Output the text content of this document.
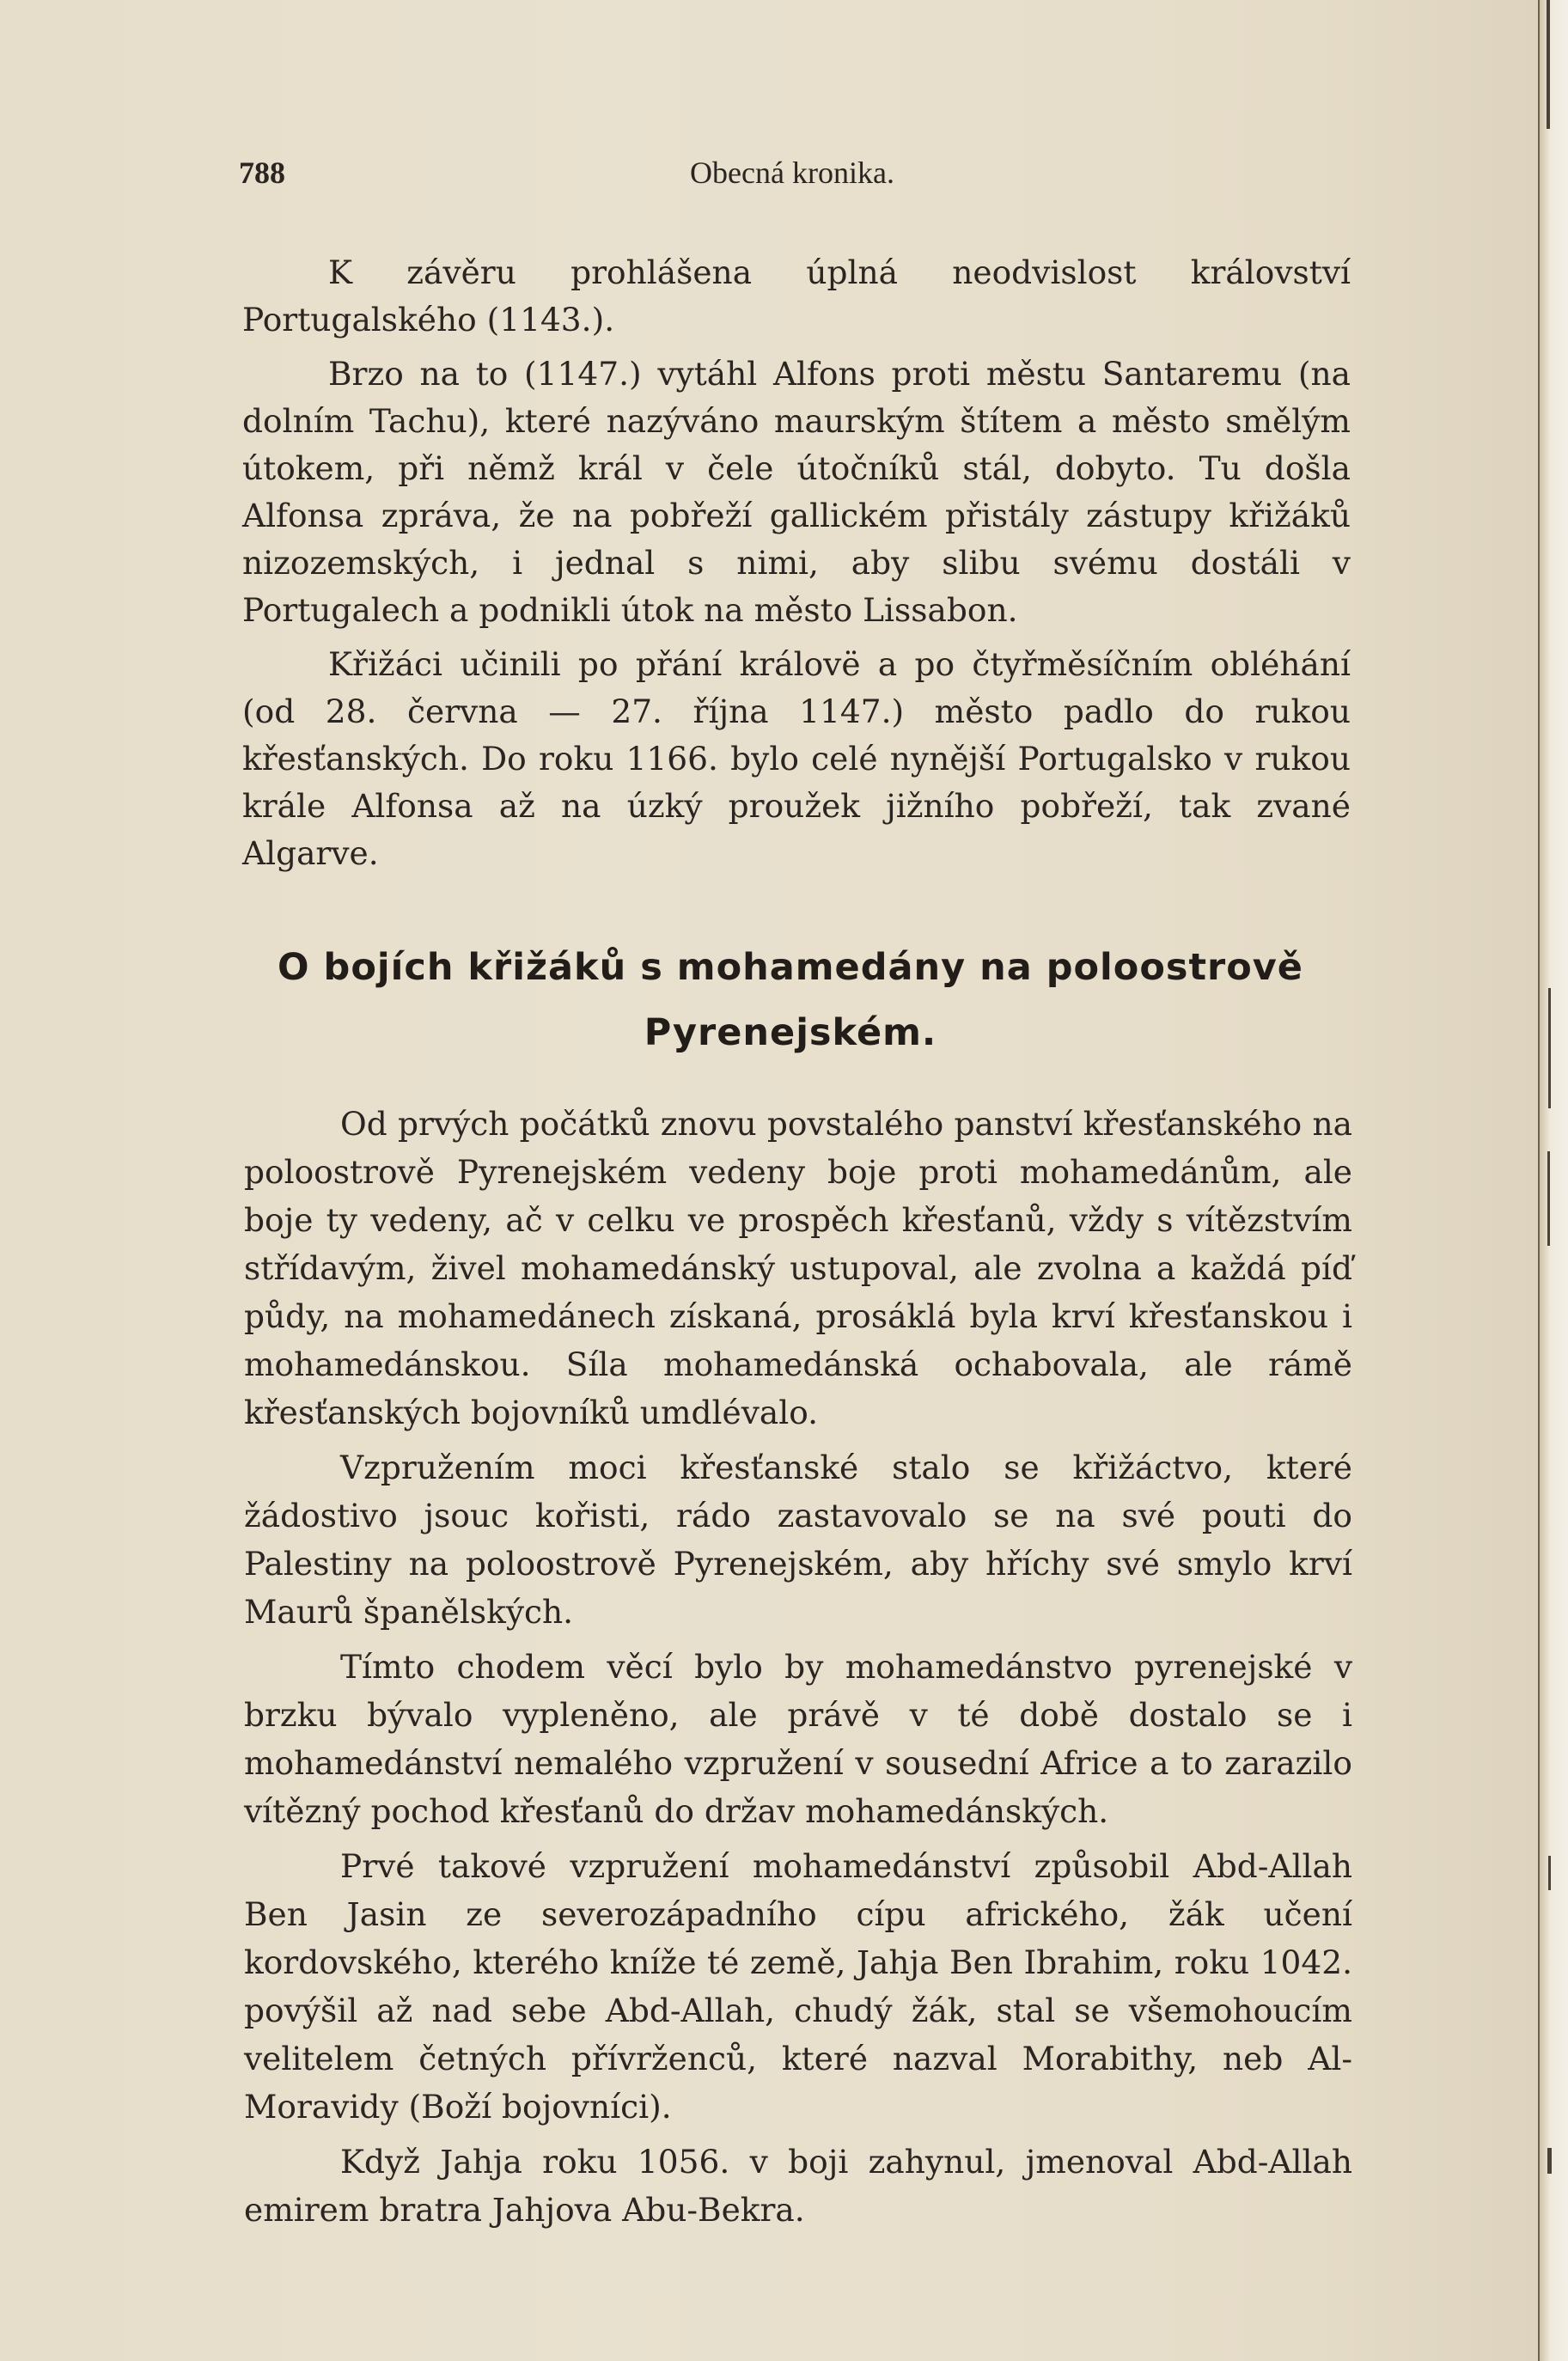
788	Obecná kronika.

K závěru prohlášena úplná neodvislost království Portugalského (1143.).

Brzo na to (1147.) vytáhl Alfons proti městu Santaremu (na dolním Tachu), které nazýváno maurským štítem a město smělým útokem, při němž král v čele útočníků stál, dobyto. Tu došla Alfonsa zpráva, že na pobřeží gallickém přistály zástupy křižáků nizozemských, i jednal s nimi, aby slibu svému dostáli v Portugalech a podnikli útok na město Lissabon.

Křižáci učinili po přání královë a po čtyřměsíčním obléhání (od 28. června — 27. října 1147.) město padlo do rukou křesťanských. Do roku 1166. bylo celé nynější Portugalsko v rukou krále Alfonsa až na úzký proužek jižního pobřeží, tak zvané Algarve.

O bojích křižáků s mohamedány na poloostrově
Pyrenejském.

Od prvých počátků znovu povstalého panství křesťanského na poloostrově Pyrenejském vedeny boje proti mohamedánům, ale boje ty vedeny, ač v celku ve prospěch křesťanů, vždy s vítězstvím střídavým, živel mohamedánský ustupoval, ale zvolna a každá píď půdy, na mohamedánech získaná, prosáklá byla krví křesťanskou i mohamedánskou. Síla mohamedánská ochabovala, ale rámě křesťanských bojovníků umdlévalo.

Vzpružením moci křesťanské stalo se křižáctvo, které žádostivo jsouc kořisti, rádo zastavovalo se na své pouti do Palestiny na poloostrově Pyrenejském, aby hříchy své smylo krví Maurů španělských.

Tímto chodem věcí bylo by mohamedánstvo pyrenejské v brzku bývalo vypleněno, ale právě v té době dostalo se i mohamedánství nemalého vzpružení v sousední Africe a to zarazilo vítězný pochod křesťanů do držav mohamedánských.

Prvé takové vzpružení mohamedánství způsobil Abd-Allah Ben Jasin ze severozápadního cípu afrického, žák učení kordovského, kterého kníže té země, Jahja Ben Ibrahim, roku 1042. povýšil až nad sebe Abd-Allah, chudý žák, stal se všemohoucím velitelem četných přívrženců, které nazval Morabithy, neb Al-Moravidy (Boží bojovníci).

Když Jahja roku 1056. v boji zahynul, jmenoval Abd-Allah emirem bratra Jahjova Abu-Bekra.
